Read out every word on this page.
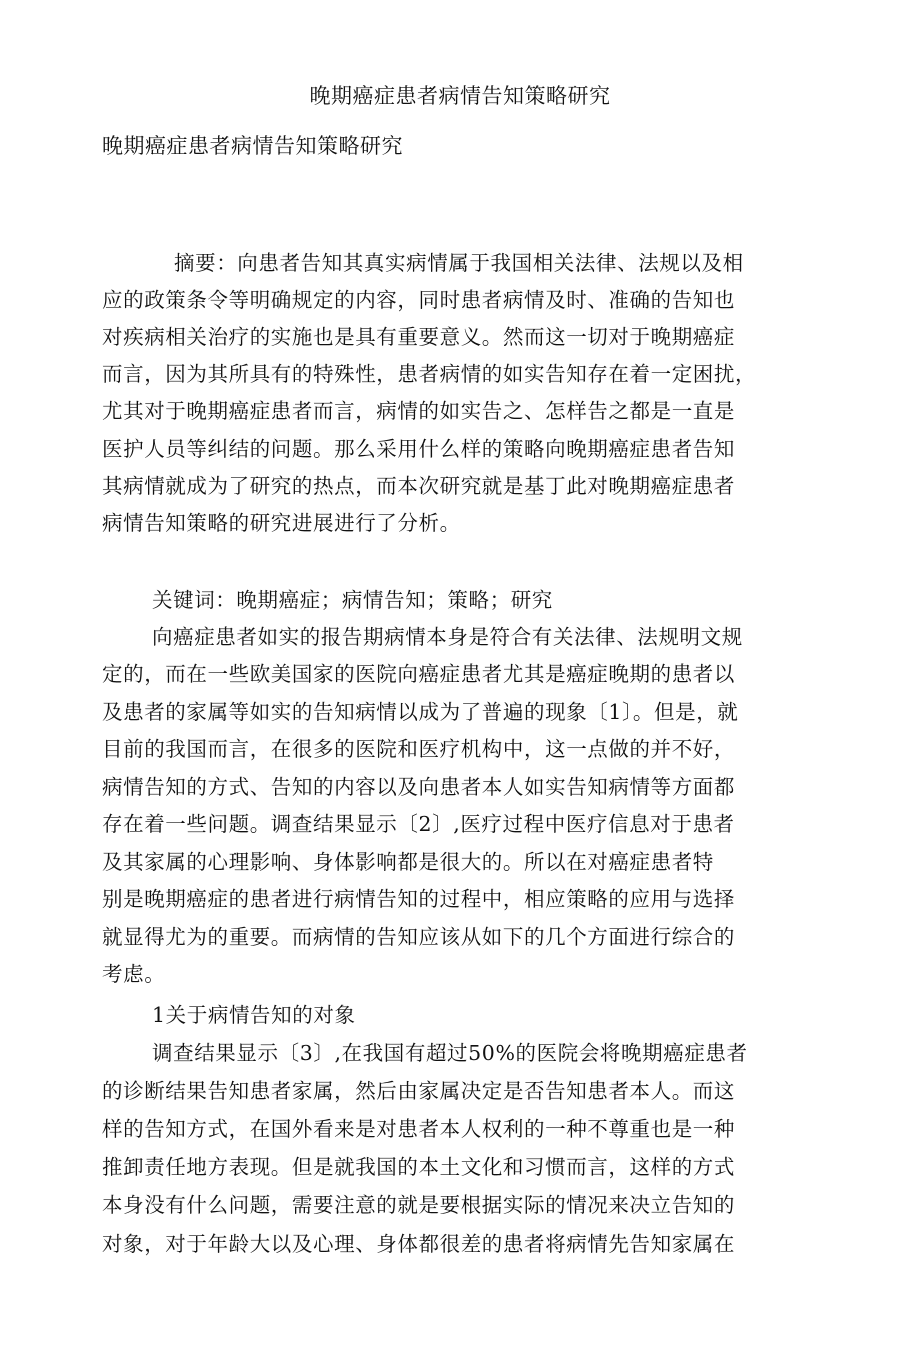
晚期癌症患者病情告知策略研究
晚期癌症患者病情告知策略研究
摘要：向患者告知其真实病情属于我国相关法律、法规以及相
应的政策条令等明确规定的内容，同时患者病情及时、准确的告知也
对疾病相关治疗的实施也是具有重要意义。然而这一切对于晚期癌症
而言，因为其所具有的特殊性，患者病情的如实告知存在着一定困扰，
尤其对于晚期癌症患者而言，病情的如实告之、怎样告之都是一直是
医护人员等纠结的问题。那么采用什么样的策略向晚期癌症患者告知
其病情就成为了研究的热点，而本次研究就是基丁此对晚期癌症患者
病情告知策略的研究进展进行了分析。
关键词：晚期癌症；病情告知；策略；研究
向癌症患者如实的报告期病情本身是符合有关法律、法规明文规
定的，而在一些欧美国家的医院向癌症患者尤其是癌症晚期的患者以
及患者的家属等如实的告知病情以成为了普遍的现象〔1〕。但是，就
目前的我国而言，在很多的医院和医疗机构中，这一点做的并不好，
病情告知的方式、告知的内容以及向患者本人如实告知病情等方面都
存在着一些问题。调查结果显示〔2〕,医疗过程中医疗信息对于患者
及其家属的心理影响、身体影响都是很大的。所以在对癌症患者特
别是晚期癌症的患者进行病情告知的过程中，相应策略的应用与选择
就显得尤为的重要。而病情的告知应该从如下的几个方面进行综合的
考虑。
1关于病情告知的对象
调查结果显示〔3〕,在我国有超过50%的医院会将晚期癌症患者
的诊断结果告知患者家属，然后由家属决定是否告知患者本人。而这
样的告知方式，在国外看来是对患者本人权利的一种不尊重也是一种
推卸责任地方表现。但是就我国的本土文化和习惯而言，这样的方式
本身没有什么问题，需要注意的就是要根据实际的情况来决立告知的
对象，对于年龄大以及心理、身体都很差的患者将病情先告知家属在
